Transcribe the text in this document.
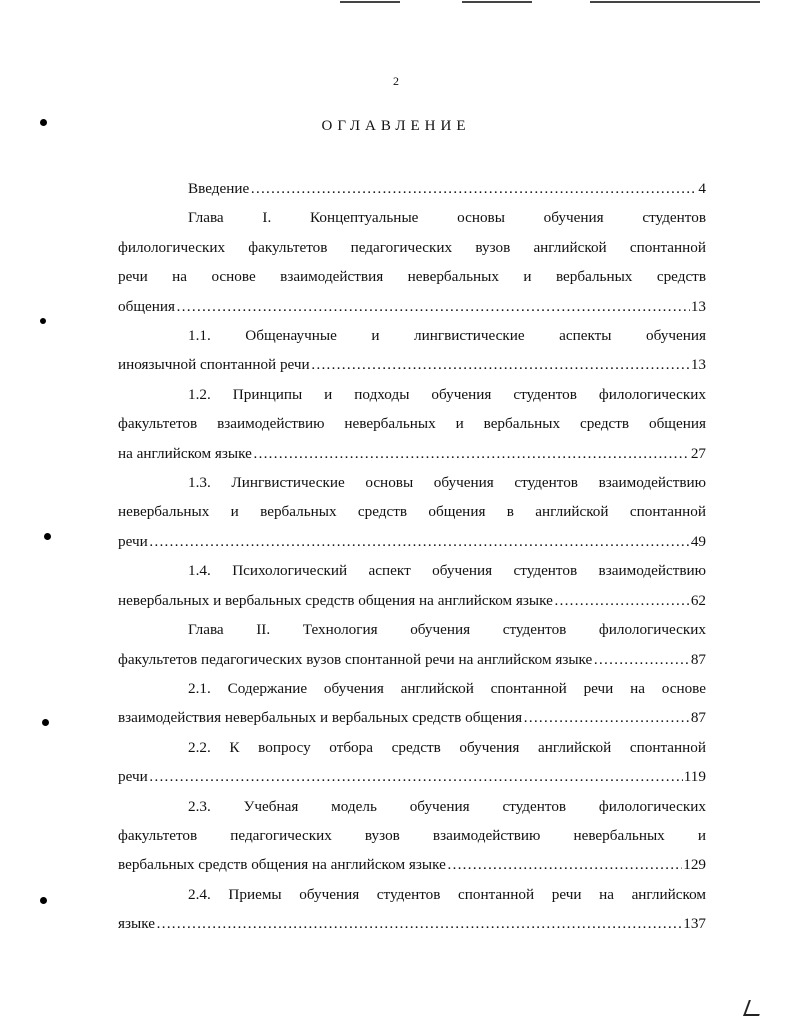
2
ОГЛАВЛЕНИЕ
Введение …………………………………………………………………………………………………………………………………	4

Глава I. Концептуальные основы обучения студентов

филологических факультетов педагогических вузов английской спонтанной

речи на основе взаимодействия невербальных и вербальных средств

общения …………………………………………………………………………………………………………………………………	13

1.1. Общенаучные и лингвистические аспекты обучения

иноязычной спонтанной речи …………………………………………………………………………………………………………………………………	13

1.2. Принципы и подходы обучения студентов филологических

факультетов взаимодействию невербальных и вербальных средств общения

на английском языке …………………………………………………………………………………………………………………………………	27

1.3. Лингвистические основы обучения студентов взаимодействию

невербальных и вербальных средств общения в английской спонтанной

речи …………………………………………………………………………………………………………………………………	49

1.4. Психологический аспект обучения студентов взаимодействию

невербальных и вербальных средств общения на английском языке …………………………………………………………………………………………………………………………………	62

Глава II. Технология обучения студентов филологических

факультетов педагогических вузов спонтанной речи на английском языке …………………………………………………………………………………………………………………………………	87

2.1. Содержание обучения английской спонтанной речи на основе

взаимодействия невербальных и вербальных средств общения …………………………………………………………………………………………………………………………………	87

2.2. К вопросу отбора средств обучения английской спонтанной

речи …………………………………………………………………………………………………………………………………	119

2.3. Учебная модель обучения студентов филологических

факультетов педагогических вузов взаимодействию невербальных и

вербальных средств общения на английском языке …………………………………………………………………………………………………………………………………	129

2.4. Приемы обучения студентов спонтанной речи на английском

языке …………………………………………………………………………………………………………………………………	137
